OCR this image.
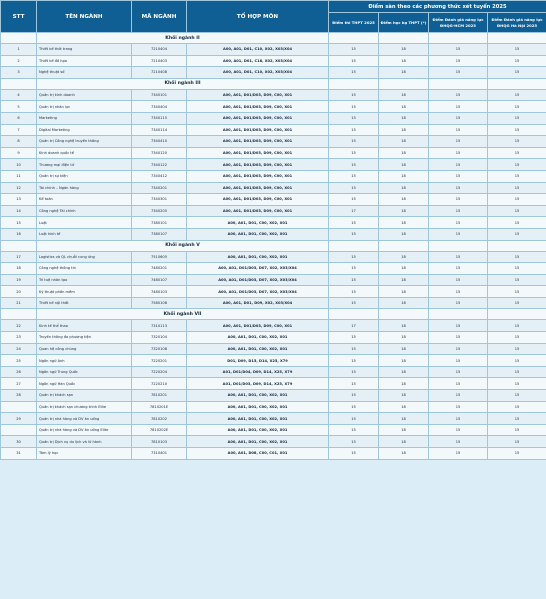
STT	TÊN NGÀNH	MÃ NGÀNH	TỔ HỢP MÔN	Điểm sàn theo các phương thức xét tuyển 2025			
				Điểm thi THPT 2025	Điểm học bạ THPT (*)	Điểm Đánh giá năng lực ĐHQG-HCM 2025	Điểm Đánh giá năng lực ĐHQG Hà Nội 2025
	Khối ngành II						
1	Thiết kế thời trang	7210404	A00, A01, D01, C10, X02, X03/X04	15	18	15	15
2	Thiết kế đồ họa	7210403	A00, A01, D01, C18, X02, X03/X04	15	18	15	15
3	Nghệ thuật số	7210408	A00, A01, D01, C10, X02, X03/X04	15	18	15	15
	Khối ngành III						
4	Quản trị kinh doanh	7340101	A00, A01, D01/D03, D09, C00, X01	15	18	15	15
5	Quản trị nhân lực	7340404	A00, A01, D01/D03, D09, C00, X01	15	18	15	15
6	Marketing	7340115	A00, A01, D01/D03, D09, C00, X01	15	18	15	15
7	Digital Marketing	7340114	A00, A01, D01/D03, D09, C00, X01	15	18	15	15
8	Quản trị Công nghệ truyền thông	7340410	A00, A01, D01/D03, D09, C00, X01	15	18	15	15
9	Kinh doanh quốc tế	7340120	A00, A01, D01/D03, D09, C00, X01	15	18	15	15
10	Thương mại điện tử	7340122	A00, A01, D01/D03, D09, C00, X01	15	18	15	15
11	Quản trị sự kiện	7340412	A00, A01, D01/D03, D09, C00, X01	15	18	15	15
12	Tài chính – Ngân hàng	7340201	A00, A01, D01/D03, D09, C00, X01	15	18	15	15
13	Kế toán	7340301	A00, A01, D01/D03, D09, C00, X01	15	18	15	15
14	Công nghệ Tài chính	7340205	A00, A01, D01/D03, D09, C00, X01	17	18	15	15
15	Luật	7380101	A00, A01, D01, C00, X02, X01	15	18	15	15
16	Luật kinh tế	7380107	A00, A01, D01, C00, X02, X01	15	18	15	15
	Khối ngành V						
17	Logistics và QL chuỗi cung ứng	7510605	A00, A01, D01, C00, X02, X01	15	18	15	15
18	Công nghệ thông tin	7480201	A00, A01, D01/D03, D07, X02, X03/X04	15	18	15	15
19	Trí tuệ nhân tạo	7480107	A00, A01, D01/D03, D07, X02, X03/X04	15	18	15	15
20	Kỹ thuật phần mềm	7480103	A00, A01, D01/D03, D07, X02, X03/X04	15	18	15	15
21	Thiết kế nội thất	7580108	A00, A01, D01, D09, X02, X03/X04	15	18	15	15
	Khối ngành VII						
22	Kinh tế thể thao	7310113	A00, A01, D01/D03, D09, C00, X01	17	18	15	15
23	Truyền thông đa phương tiện	7320104	A00, A01, D01, C00, X02, X01	15	18	15	15
24	Quan hệ công chúng	7320108	A00, A01, D01, C00, X02, X01	15	18	15	15
25	Ngôn ngữ Anh	7220201	D01, D09, D15, D14, X25, X79	15	18	15	15
26	Ngôn ngữ Trung Quốc	7220204	A01, D01/D04, D09, D14, X25, X79	15	18	15	15
27	Ngôn ngữ Hàn Quốc	7220210	A01, D01/D03, D09, D14, X25, X79	15	18	15	15
28	Quản trị khách sạn	7810201	A00, A01, D01, C00, X02, X01	15	18	15	15
	Quản trị khách sạn chương trình Elite	7810201E	A00, A01, D01, C00, X02, X01	15	18	15	15
29	Quản trị nhà hàng và DV ăn uống	7810202	A00, A01, D01, C00, X02, X01	15	18	15	15
	Quản trị nhà hàng và DV ăn uống Elite	7810202E	A00, A01, D01, C00, X02, X01	15	18	15	15
30	Quản trị Dịch vụ du lịch và lữ hành	7810103	A00, A01, D01, C00, X02, X01	15	18	15	15
31	Tâm lý học	7310401	A00, A01, D08, C00, C01, X01	15	18	15	15
